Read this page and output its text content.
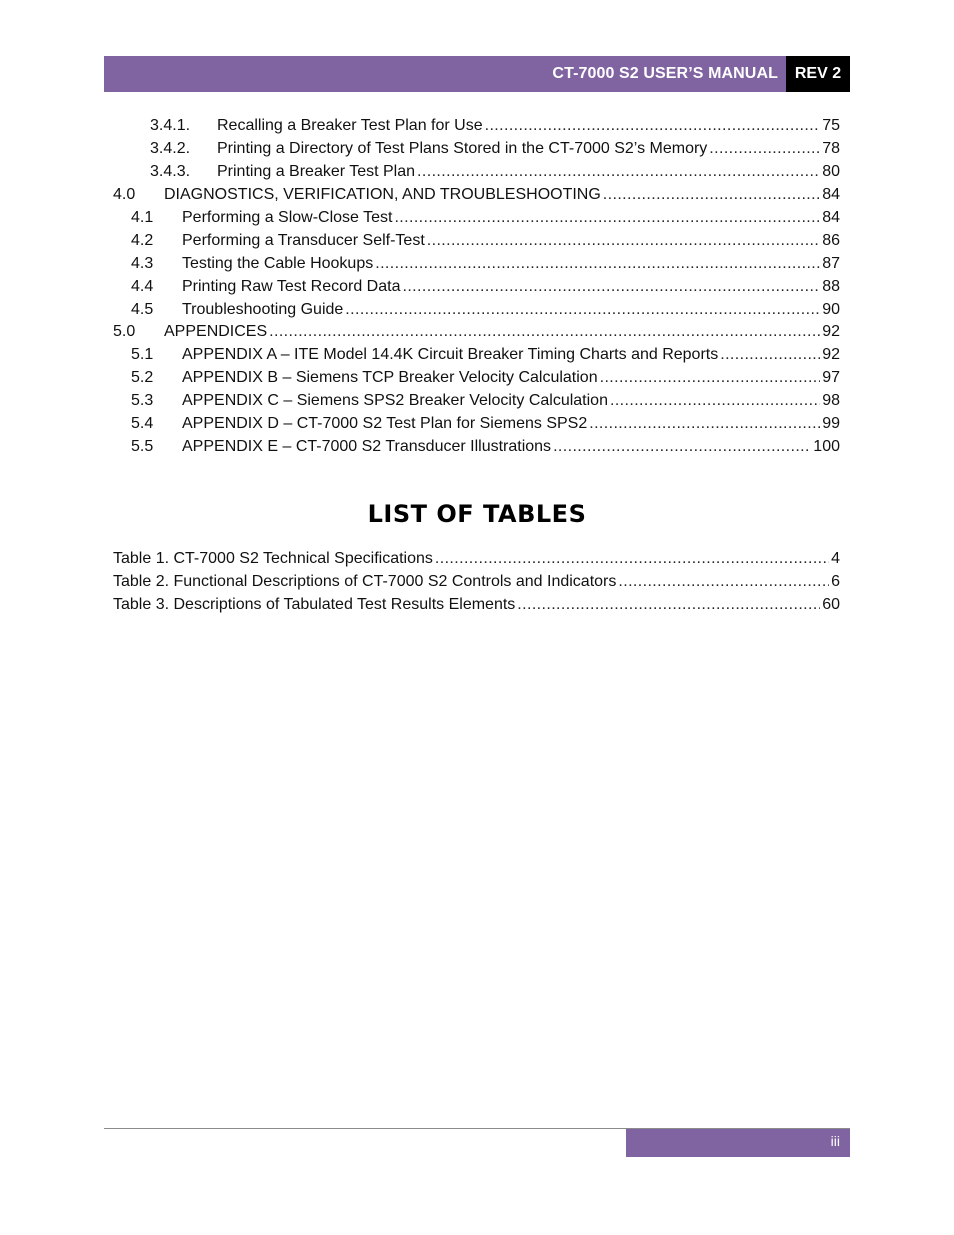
CT-7000 S2 USER’S MANUAL	REV 2
3.4.1.	Recalling a Breaker Test Plan for Use .....	75
3.4.2.	Printing a Directory of Test Plans Stored in the CT-7000 S2’s Memory .....	78
3.4.3.	Printing a Breaker Test Plan .....	80
4.0	DIAGNOSTICS, VERIFICATION, AND TROUBLESHOOTING .....	84
4.1	Performing a Slow-Close Test .....	84
4.2	Performing a Transducer Self-Test .....	86
4.3	Testing the Cable Hookups .....	87
4.4	Printing Raw Test Record Data .....	88
4.5	Troubleshooting Guide .....	90
5.0	APPENDICES .....	92
5.1	APPENDIX A – ITE Model 14.4K Circuit Breaker Timing Charts and Reports .....	92
5.2	APPENDIX B – Siemens TCP Breaker Velocity Calculation .....	97
5.3	APPENDIX C – Siemens SPS2 Breaker Velocity Calculation .....	98
5.4	APPENDIX D – CT-7000 S2 Test Plan for Siemens SPS2 .....	99
5.5	APPENDIX E – CT-7000 S2 Transducer Illustrations .....	100
LIST OF TABLES
Table 1. CT-7000 S2 Technical Specifications .....	4
Table 2. Functional Descriptions of CT-7000 S2 Controls and Indicators .....	6
Table 3. Descriptions of Tabulated Test Results Elements .....	60
iii
